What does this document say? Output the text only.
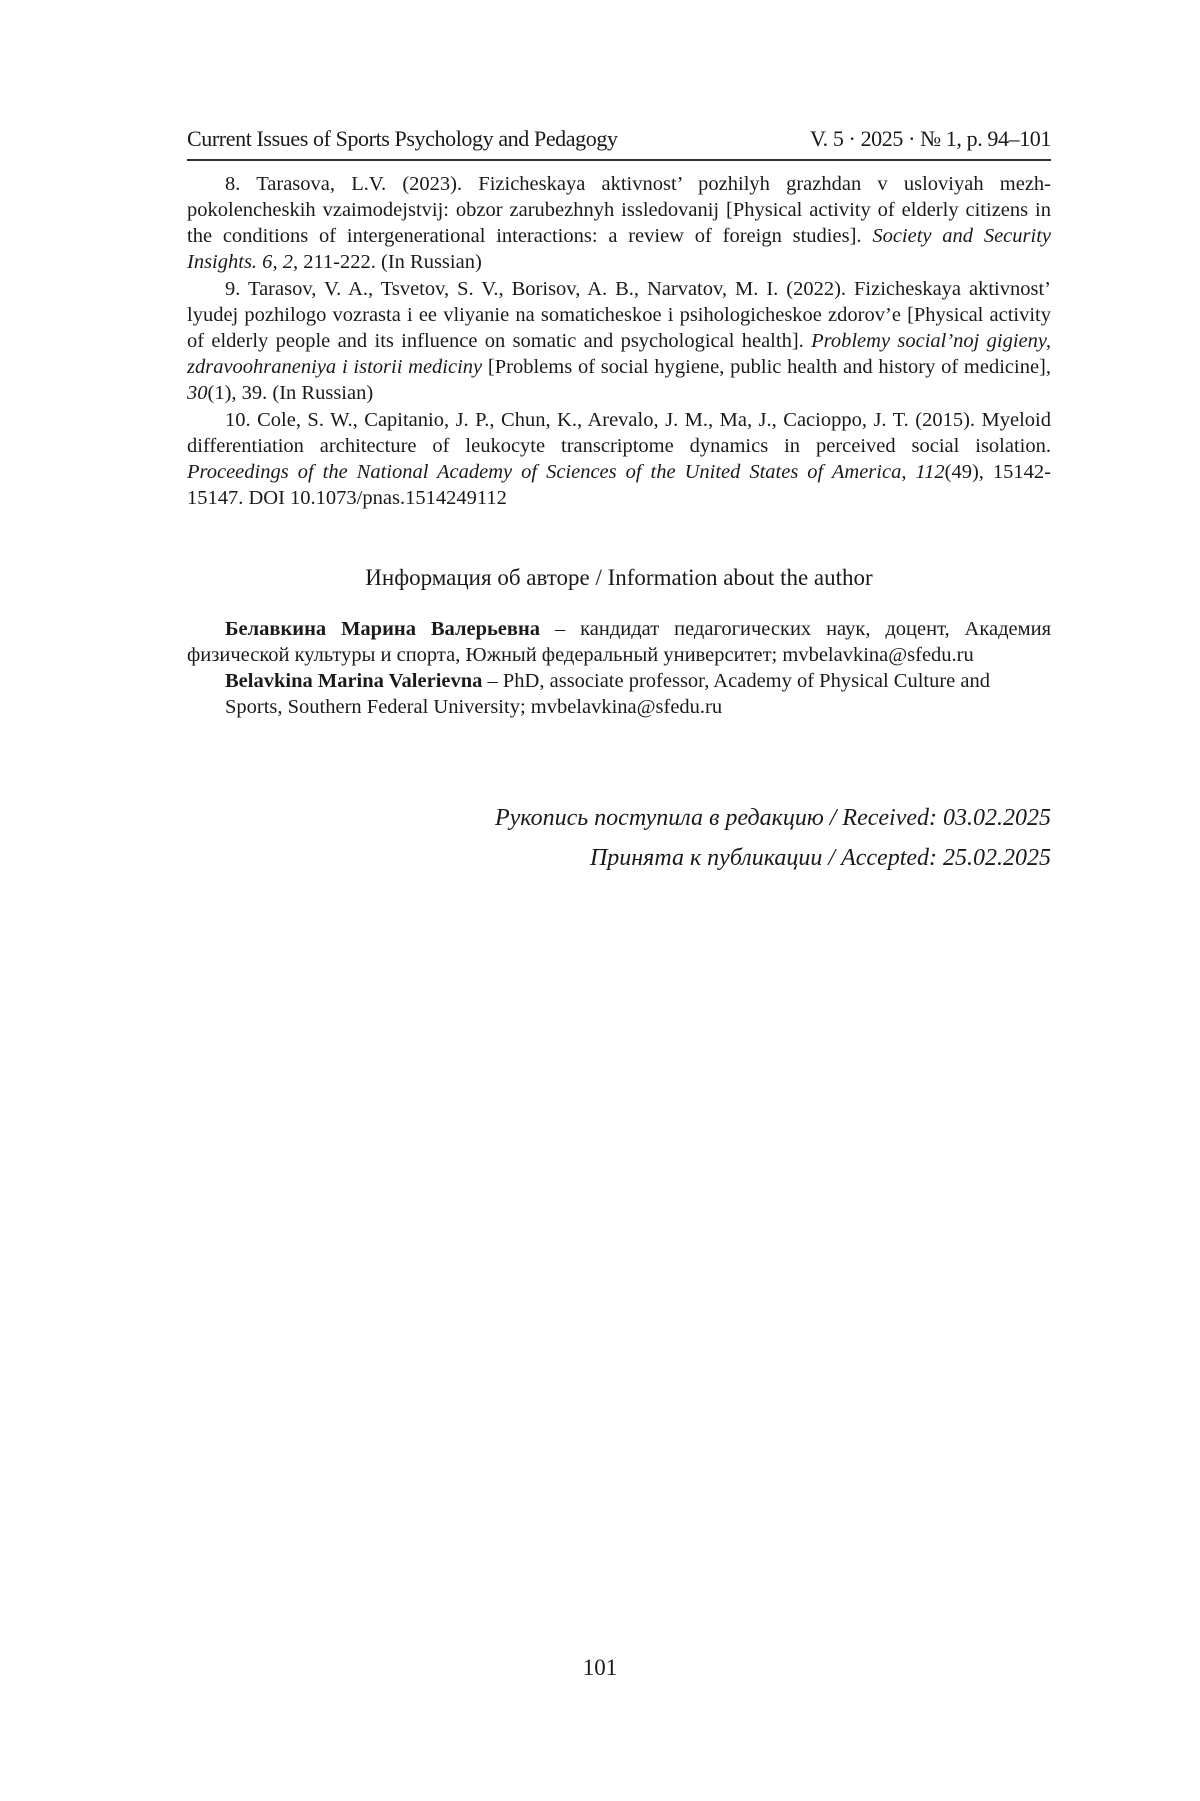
Current Issues of Sports Psychology and Pedagogy	V. 5 · 2025 · № 1, p. 94–101

8. Tarasova, L.V. (2023). Fizicheskaya aktivnost’ pozhilyh grazhdan v usloviyah mezhpokolencheskih vzaimodejstvij: obzor zarubezhnyh issledovanij [Physical activity of elderly citizens in the conditions of intergenerational interactions: a review of foreign studies]. Society and Security Insights. 6, 2, 211-222. (In Russian)

9. Tarasov, V. A., Tsvetov, S. V., Borisov, A. B., Narvatov, M. I. (2022). Fizicheskaya aktivnost’ lyudej pozhilogo vozrasta i ee vliyanie na somaticheskoe i psihologicheskoe zdorov’e [Physical activity of elderly people and its influence on somatic and psychological health]. Problemy social’noj gigieny, zdravoohraneniya i istorii mediciny [Problems of social hygiene, public health and history of medicine], 30(1), 39. (In Russian)

10. Cole, S. W., Capitanio, J. P., Chun, K., Arevalo, J. M., Ma, J., Cacioppo, J. T. (2015). Myeloid differentiation architecture of leukocyte transcriptome dynamics in perceived social isolation. Proceedings of the National Academy of Sciences of the United States of America, 112(49), 15142-15147. DOI 10.1073/pnas.1514249112

Информация об авторе / Information about the author

Белавкина Марина Валерьевна – кандидат педагогических наук, доцент, Академия физической культуры и спорта, Южный федеральный университет; mvbelavkina@sfedu.ru

Belavkina Marina Valerievna – PhD, associate professor, Academy of Physical Culture and Sports, Southern Federal University; mvbelavkina@sfedu.ru

Рукопись поступила в редакцию / Received: 03.02.2025
Принята к публикации / Accepted: 25.02.2025
101
